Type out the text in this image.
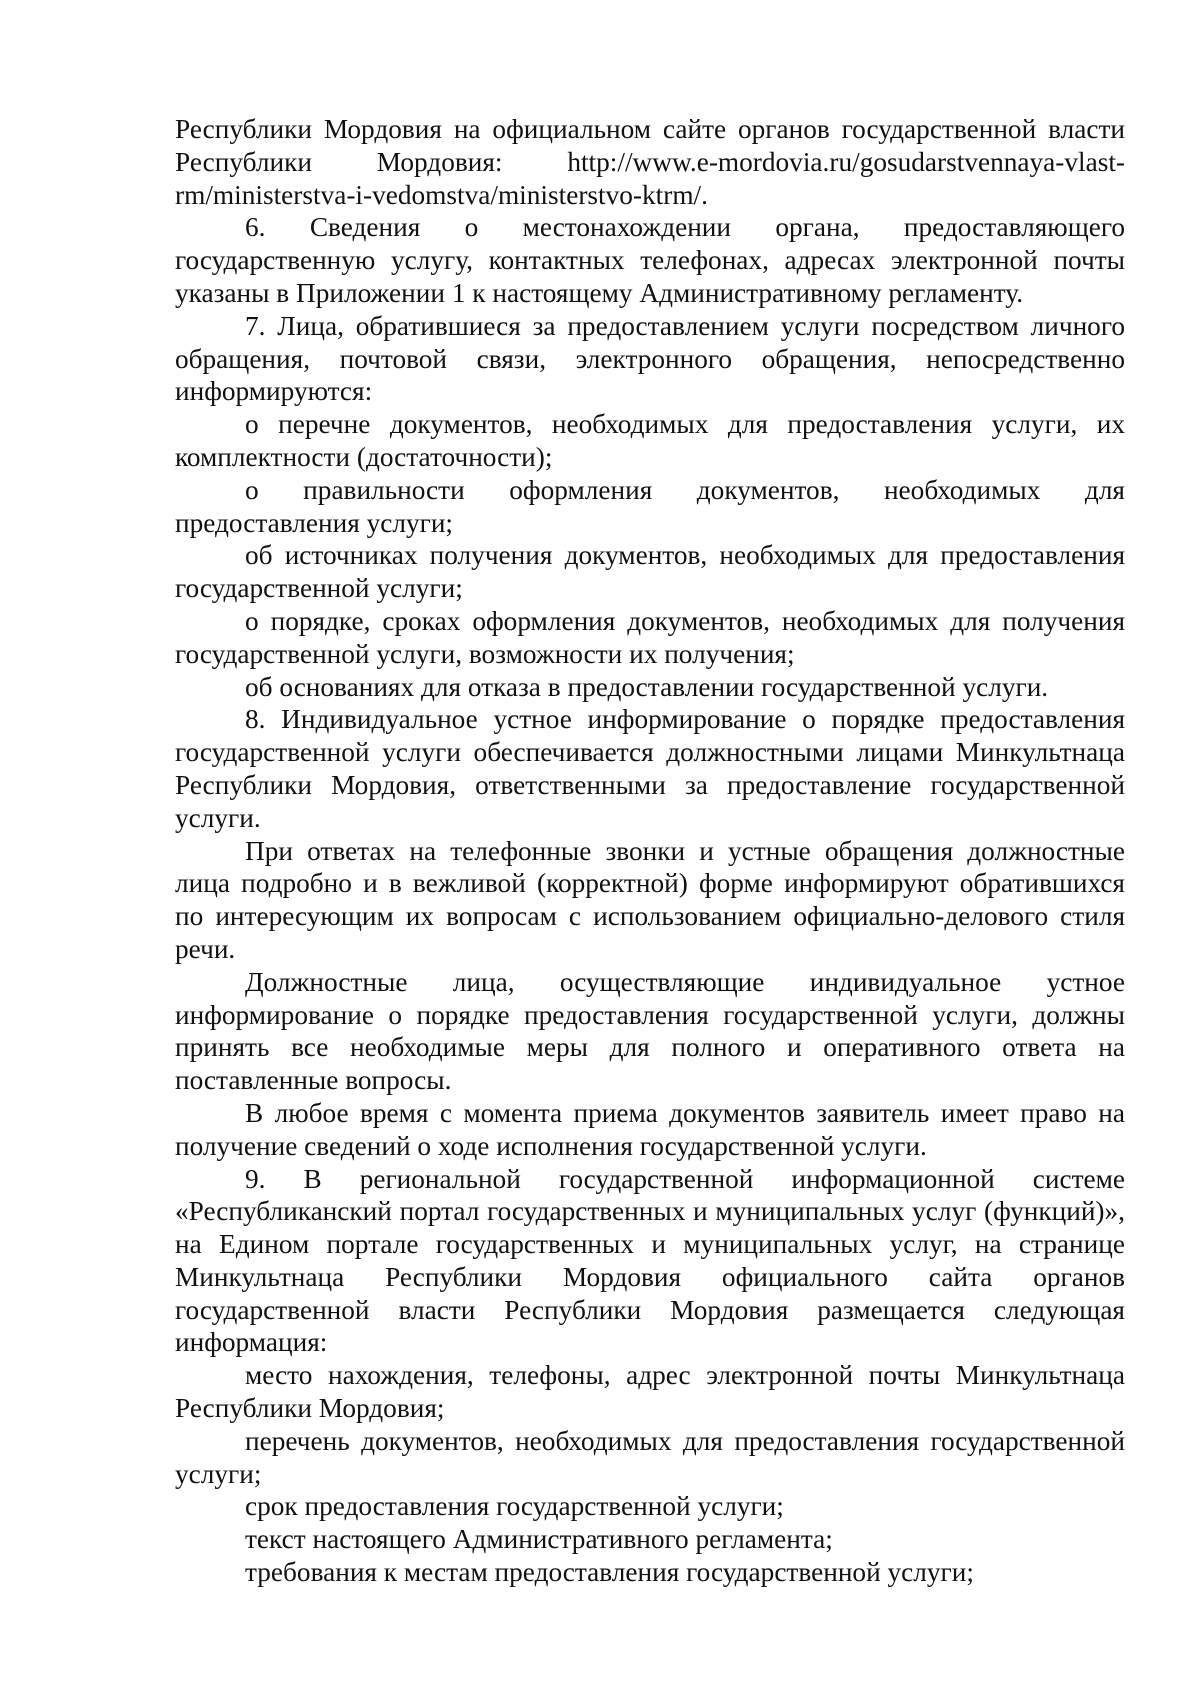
Республики Мордовия на официальном сайте органов государственной власти Республики Мордовия: http://www.e-mordovia.ru/gosudarstvennaya-vlast-rm/ministerstva-i-vedomstva/ministerstvo-ktrm/.

6. Сведения о местонахождении органа, предоставляющего государственную услугу, контактных телефонах, адресах электронной почты указаны в Приложении 1 к настоящему Административному регламенту.

7. Лица, обратившиеся за предоставлением услуги посредством личного обращения, почтовой связи, электронного обращения, непосредственно информируются:

о перечне документов, необходимых для предоставления услуги, их комплектности (достаточности);

о правильности оформления документов, необходимых для предоставления услуги;

об источниках получения документов, необходимых для предоставления государственной услуги;

о порядке, сроках оформления документов, необходимых для получения государственной услуги, возможности их получения;

об основаниях для отказа в предоставлении государственной услуги.

8. Индивидуальное устное информирование о порядке предоставления государственной услуги обеспечивается должностными лицами Минкультнаца Республики Мордовия, ответственными за предоставление государственной услуги.

При ответах на телефонные звонки и устные обращения должностные лица подробно и в вежливой (корректной) форме информируют обратившихся по интересующим их вопросам с использованием официально-делового стиля речи.

Должностные лица, осуществляющие индивидуальное устное информирование о порядке предоставления государственной услуги, должны принять все необходимые меры для полного и оперативного ответа на поставленные вопросы.

В любое время с момента приема документов заявитель имеет право на получение сведений о ходе исполнения государственной услуги.

9. В региональной государственной информационной системе «Республиканский портал государственных и муниципальных услуг (функций)», на Едином портале государственных и муниципальных услуг, на странице Минкультнаца Республики Мордовия официального сайта органов государственной власти Республики Мордовия размещается следующая информация:

место нахождения, телефоны, адрес электронной почты Минкультнаца Республики Мордовия;

перечень документов, необходимых для предоставления государственной услуги;

срок предоставления государственной услуги;

текст настоящего Административного регламента;

требования к местам предоставления государственной услуги;
